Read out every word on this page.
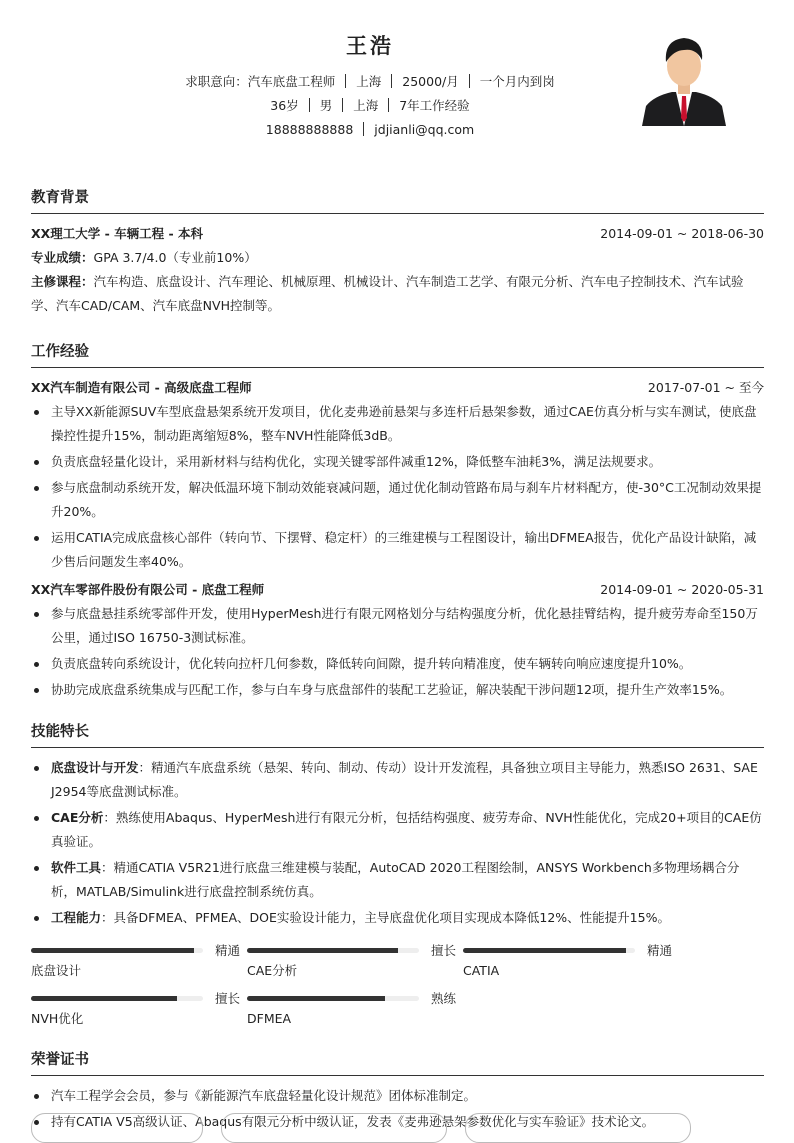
王浩
求职意向：汽车底盘工程师 上海 25000/月 一个月内到岗
36岁 男 上海 7年工作经验
18888888888 jdjianli@qq.com
教育背景
XX理工大学 - 车辆工程 - 本科	2014-09-01 ~ 2018-06-30

专业成绩：GPA 3.7/4.0（专业前10%）

主修课程：汽车构造、底盘设计、汽车理论、机械原理、机械设计、汽车制造工艺学、有限元分析、汽车电子控制技术、汽车试验学、汽车CAD/CAM、汽车底盘NVH控制等。

工作经验
XX汽车制造有限公司 - 高级底盘工程师	2017-07-01 ~ 至今
主导XX新能源SUV车型底盘悬架系统开发项目，优化麦弗逊前悬架与多连杆后悬架参数，通过CAE仿真分析与实车测试，使底盘操控性提升15%，制动距离缩短8%，整车NVH性能降低3dB。
负责底盘轻量化设计，采用新材料与结构优化，实现关键零部件减重12%，降低整车油耗3%，满足法规要求。
参与底盘制动系统开发，解决低温环境下制动效能衰减问题，通过优化制动管路布局与刹车片材料配方，使-30°C工况制动效果提升20%。
运用CATIA完成底盘核心部件（转向节、下摆臂、稳定杆）的三维建模与工程图设计，输出DFMEA报告，优化产品设计缺陷，减少售后问题发生率40%。
XX汽车零部件股份有限公司 - 底盘工程师	2014-09-01 ~ 2020-05-31
参与底盘悬挂系统零部件开发，使用HyperMesh进行有限元网格划分与结构强度分析，优化悬挂臂结构，提升疲劳寿命至150万公里，通过ISO 16750-3测试标准。
负责底盘转向系统设计，优化转向拉杆几何参数，降低转向间隙，提升转向精准度，使车辆转向响应速度提升10%。
协助完成底盘系统集成与匹配工作，参与白车身与底盘部件的装配工艺验证，解决装配干涉问题12项，提升生产效率15%。
技能特长
底盘设计与开发：精通汽车底盘系统（悬架、转向、制动、传动）设计开发流程，具备独立项目主导能力，熟悉ISO 2631、SAE J2954等底盘测试标准。
CAE分析：熟练使用Abaqus、HyperMesh进行有限元分析，包括结构强度、疲劳寿命、NVH性能优化，完成20+项目的CAE仿真验证。
软件工具：精通CATIA V5R21进行底盘三维建模与装配，AutoCAD 2020工程图绘制，ANSYS Workbench多物理场耦合分析，MATLAB/Simulink进行底盘控制系统仿真。
工程能力：具备DFMEA、PFMEA、DOE实验设计能力，主导底盘优化项目实现成本降低12%、性能提升15%。
精通
底盘设计
擅长
CAE分析
精通
CATIA
擅长
NVH优化
熟练
DFMEA
荣誉证书
汽车工程学会会员，参与《新能源汽车底盘轻量化设计规范》团体标准制定。
持有CATIA V5高级认证、Abaqus有限元分析中级认证，发表《麦弗逊悬架参数优化与实车验证》技术论文。
